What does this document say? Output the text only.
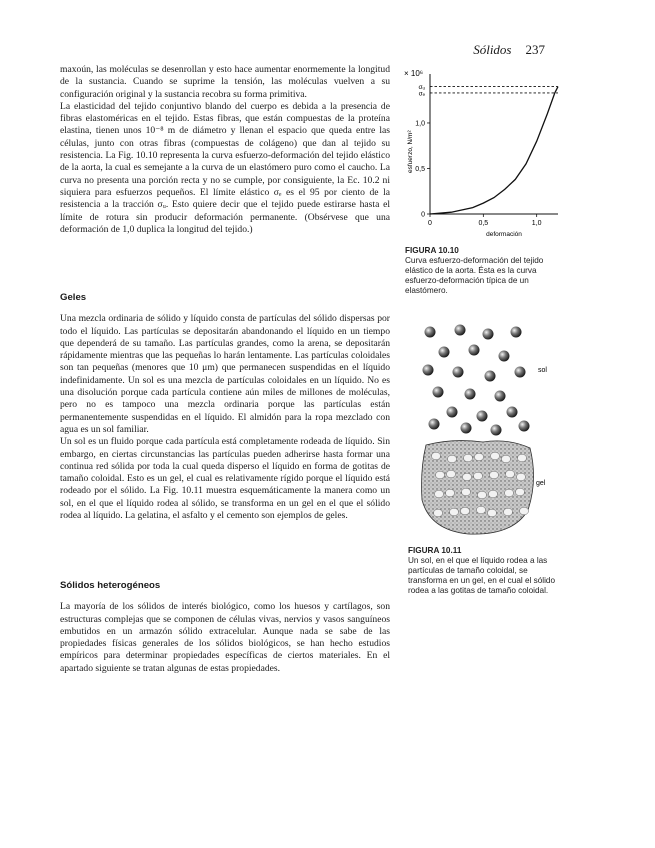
Sólidos 237

maxoún, las moléculas se desenrollan y esto hace aumentar enormemente la longitud de la sustancia. Cuando se suprime la tensión, las moléculas vuelven a su configuración original y la sustancia recobra su forma primitiva.

La elasticidad del tejido conjuntivo blando del cuerpo es debida a la presencia de fibras elastoméricas en el tejido. Estas fibras, que están compuestas de la proteína elastina, tienen unos 10⁻⁸ m de diámetro y llenan el espacio que queda entre las células, junto con otras fibras (compuestas de colágeno) que dan al tejido su resistencia. La Fig. 10.10 representa la curva esfuerzo-deformación del tejido elástico de la aorta, la cual es semejante a la curva de un elastómero puro como el caucho. La curva no presenta una porción recta y no se cumple, por consiguiente, la Ec. 10.2 ni siquiera para esfuerzos pequeños. El límite elástico σₑ es el 95 por ciento de la resistencia a la tracción σᵤ. Esto quiere decir que el tejido puede estirarse hasta el límite de rotura sin producir deformación permanente. (Obsérvese que una deformación de 1,0 duplica la longitud del tejido.)

Geles

Una mezcla ordinaria de sólido y líquido consta de partículas del sólido dispersas por todo el líquido. Las partículas se depositarán abandonando el líquido en un tiempo que dependerá de su tamaño. Las partículas grandes, como la arena, se depositarán rápidamente mientras que las pequeñas lo harán lentamente. Las partículas coloidales son tan pequeñas (menores que 10 μm) que permanecen suspendidas en el líquido indefinidamente. Un sol es una mezcla de partículas coloidales en un líquido. No es una disolución porque cada partícula contiene aún miles de millones de moléculas, pero no es tampoco una mezcla ordinaria porque las partículas están permanentemente suspendidas en el líquido. El almidón para la ropa mezclado con agua es un sol familiar.

Un sol es un fluido porque cada partícula está completamente rodeada de líquido. Sin embargo, en ciertas circunstancias las partículas pueden adherirse hasta formar una continua red sólida por toda la cual queda disperso el líquido en forma de gotitas de tamaño coloidal. Esto es un gel, el cual es relativamente rígido porque el líquido está rodeado por el sólido. La Fig. 10.11 muestra esquemáticamente la manera como un sol, en el que el líquido rodea al sólido, se transforma en un gel en el que el sólido rodea al líquido. La gelatina, el asfalto y el cemento son ejemplos de geles.

Sólidos heterogéneos

La mayoría de los sólidos de interés biológico, como los huesos y cartílagos, son estructuras complejas que se componen de células vivas, nervios y vasos sanguíneos embutidos en un armazón sólido extracelular. Aunque nada se sabe de las propiedades físicas generales de los sólidos biológicos, se han hecho estudios empíricos para determinar propiedades específicas de ciertos materiales. En el apartado siguiente se tratan algunas de estas propiedades.

× 10⁶
σᵤ
σₑ
0	0,5	1,0
0
0,5
1,0
esfuerzo, N/m²
deformación
FIGURA 10.10
Curva esfuerzo-deformación del tejido elástico de la aorta. Ésta es la curva esfuerzo-deformación típica de un elastómero.
sol
gel
FIGURA 10.11
Un sol, en el que el líquido rodea a las partículas de tamaño coloidal, se transforma en un gel, en el cual el sólido rodea a las gotitas de tamaño coloidal.
